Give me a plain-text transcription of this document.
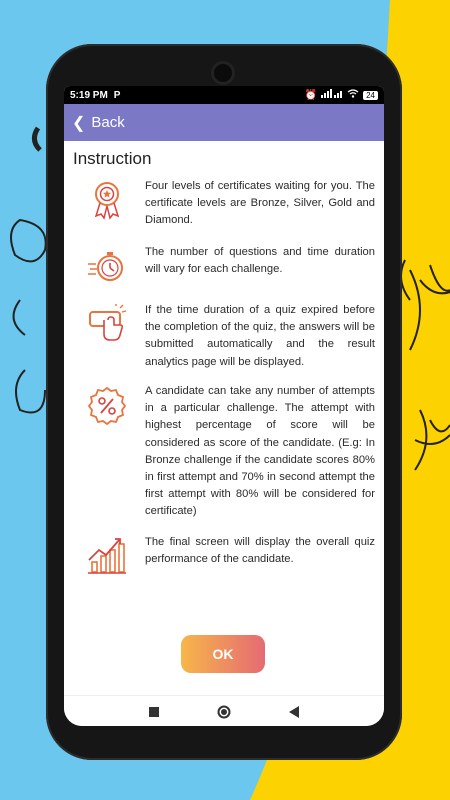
5:19 PM P	⏰	24
❮ Back
Instruction
Four levels of certificates waiting for you. The certificate levels are Bronze, Silver, Gold and Diamond.
The number of questions and time duration will vary for each challenge.
If the time duration of a quiz expired before the completion of the quiz, the answers will be submitted automatically and the result analytics page will be displayed.
A candidate can take any number of attempts in a particular challenge. The attempt with highest percentage of score will be considered as score of the candidate. (E.g: In Bronze challenge if the candidate scores 80% in first attempt and 70% in second attempt the first attempt with 80% will be considered for certificate)
The final screen will display the overall quiz performance of the candidate.
OK
